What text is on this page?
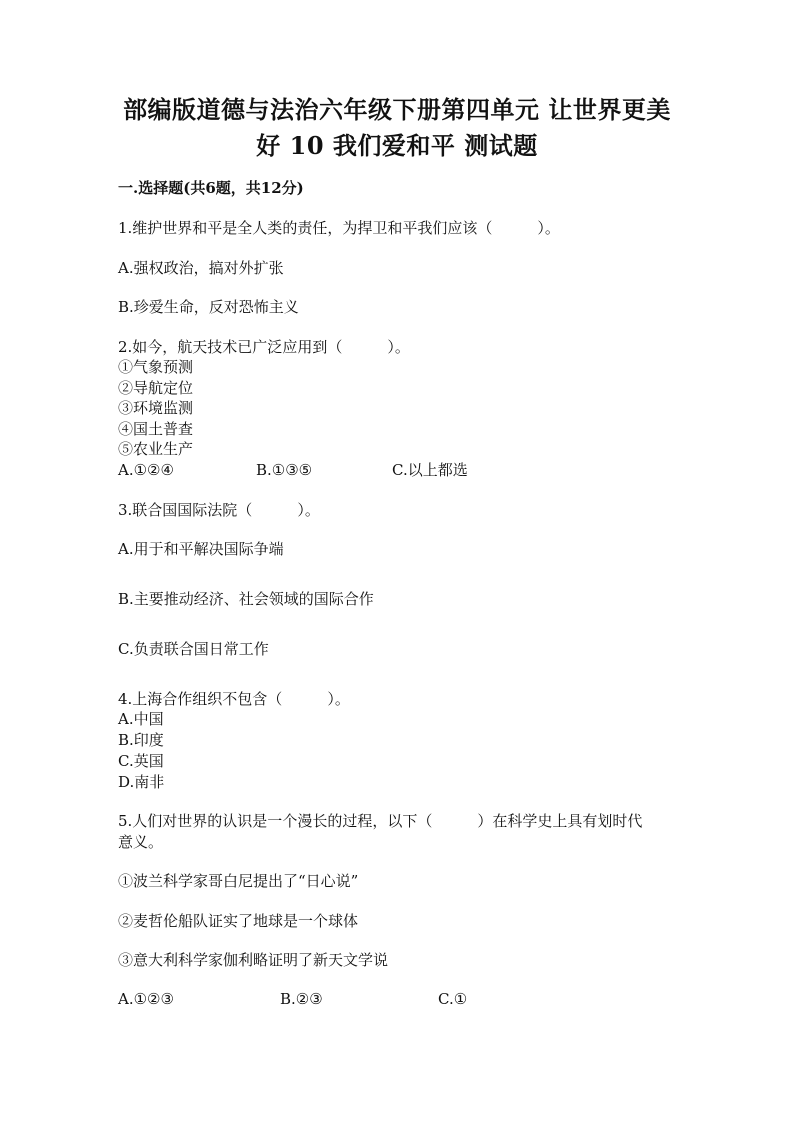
部编版道德与法治六年级下册第四单元 让世界更美
好 10 我们爱和平 测试题
一.选择题(共6题，共12分)
1.维护世界和平是全人类的责任，为捍卫和平我们应该（　　　）。
A.强权政治，搞对外扩张
B.珍爱生命，反对恐怖主义
2.如今，航天技术已广泛应用到（　　　）。
①气象预测
②导航定位
③环境监测
④国土普查
⑤农业生产
A.①②④	B.①③⑤	C.以上都选
3.联合国国际法院（　　　）。
A.用于和平解决国际争端
B.主要推动经济、社会领域的国际合作
C.负责联合国日常工作
4.上海合作组织不包含（　　　）。
A.中国
B.印度
C.英国
D.南非
5.人们对世界的认识是一个漫长的过程，以下（　　　）在科学史上具有划时代
意义。
①波兰科学家哥白尼提出了“日心说”
②麦哲伦船队证实了地球是一个球体
③意大利科学家伽利略证明了新天文学说
A.①②③	B.②③	C.①
